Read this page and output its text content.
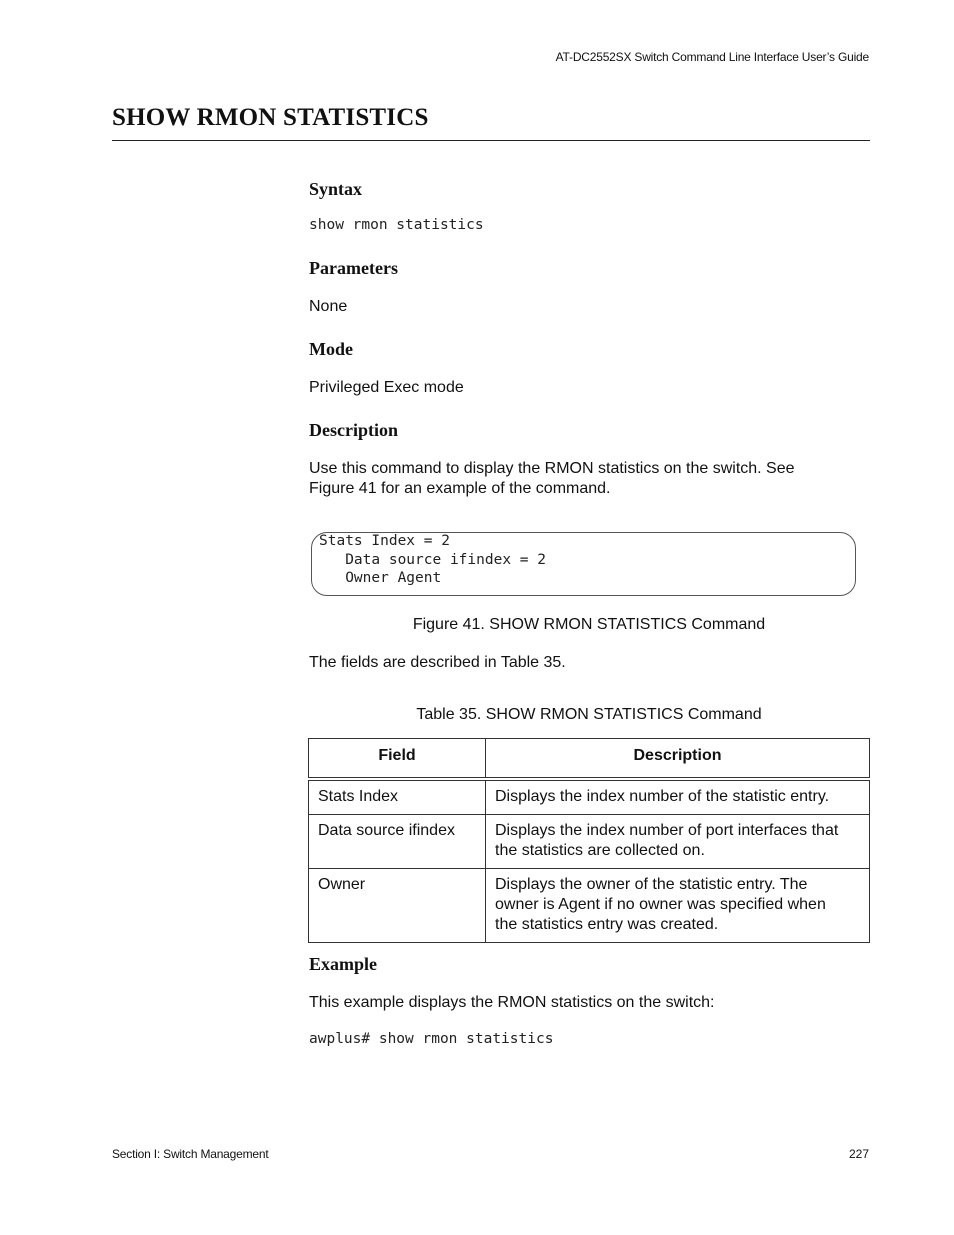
AT-DC2552SX Switch Command Line Interface User’s Guide
SHOW RMON STATISTICS
Syntax
show rmon statistics
Parameters
None
Mode
Privileged Exec mode
Description
Use this command to display the RMON statistics on the switch. See
Figure 41 for an example of the command.
Stats Index = 2
Data source ifindex = 2
Owner Agent
Figure 41. SHOW RMON STATISTICS Command
The fields are described in Table 35.
Table 35. SHOW RMON STATISTICS Command
Field	Description
Stats Index	Displays the index number of the statistic entry.

Data source ifindex	Displays the index number of port interfaces that
the statistics are collected on.

Owner	Displays the owner of the statistic entry. The
owner is Agent if no owner was specified when
the statistics entry was created.
Example
This example displays the RMON statistics on the switch:
awplus# show rmon statistics
Section I: Switch Management	227
